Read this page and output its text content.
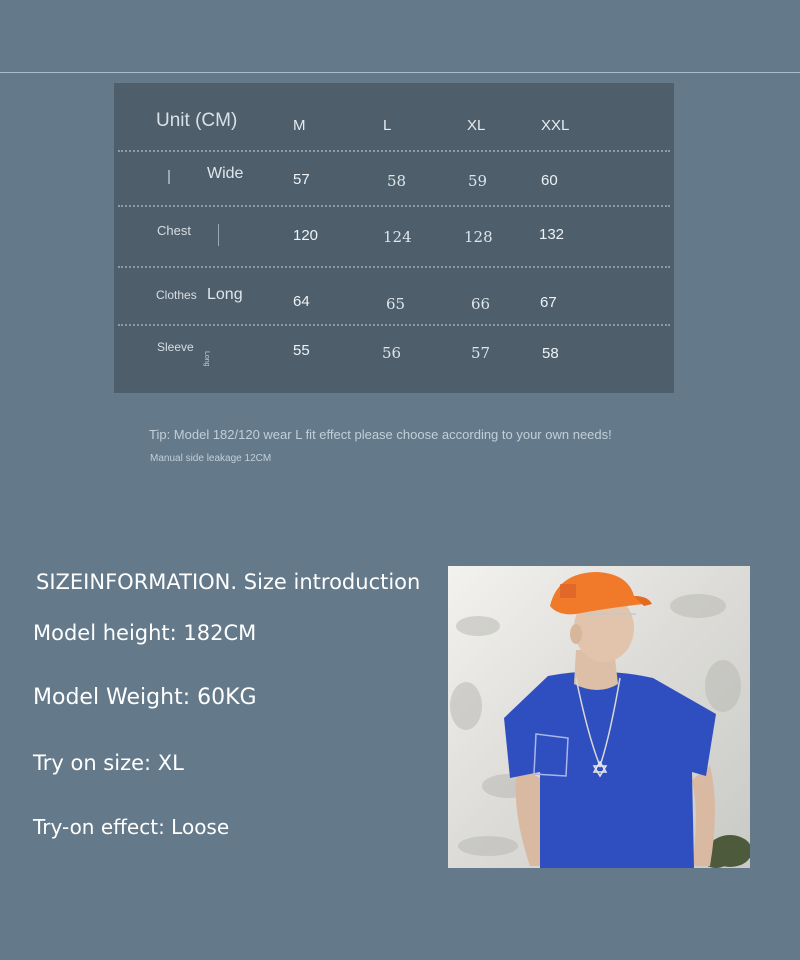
Unit (CM)	M	L	XL	XXL
Wide	57	58	59	60
Chest	120	124	128	132
Clothes Long	64	65	66	67
Sleeve
Long	55	56	57	58
Tip: Model 182/120 wear L fit effect please choose according to your own needs!
Manual side leakage 12CM
SIZEINFORMATION. Size introduction
Model height: 182CM
Model Weight: 60KG
Try on size: XL
Try-on effect: Loose
